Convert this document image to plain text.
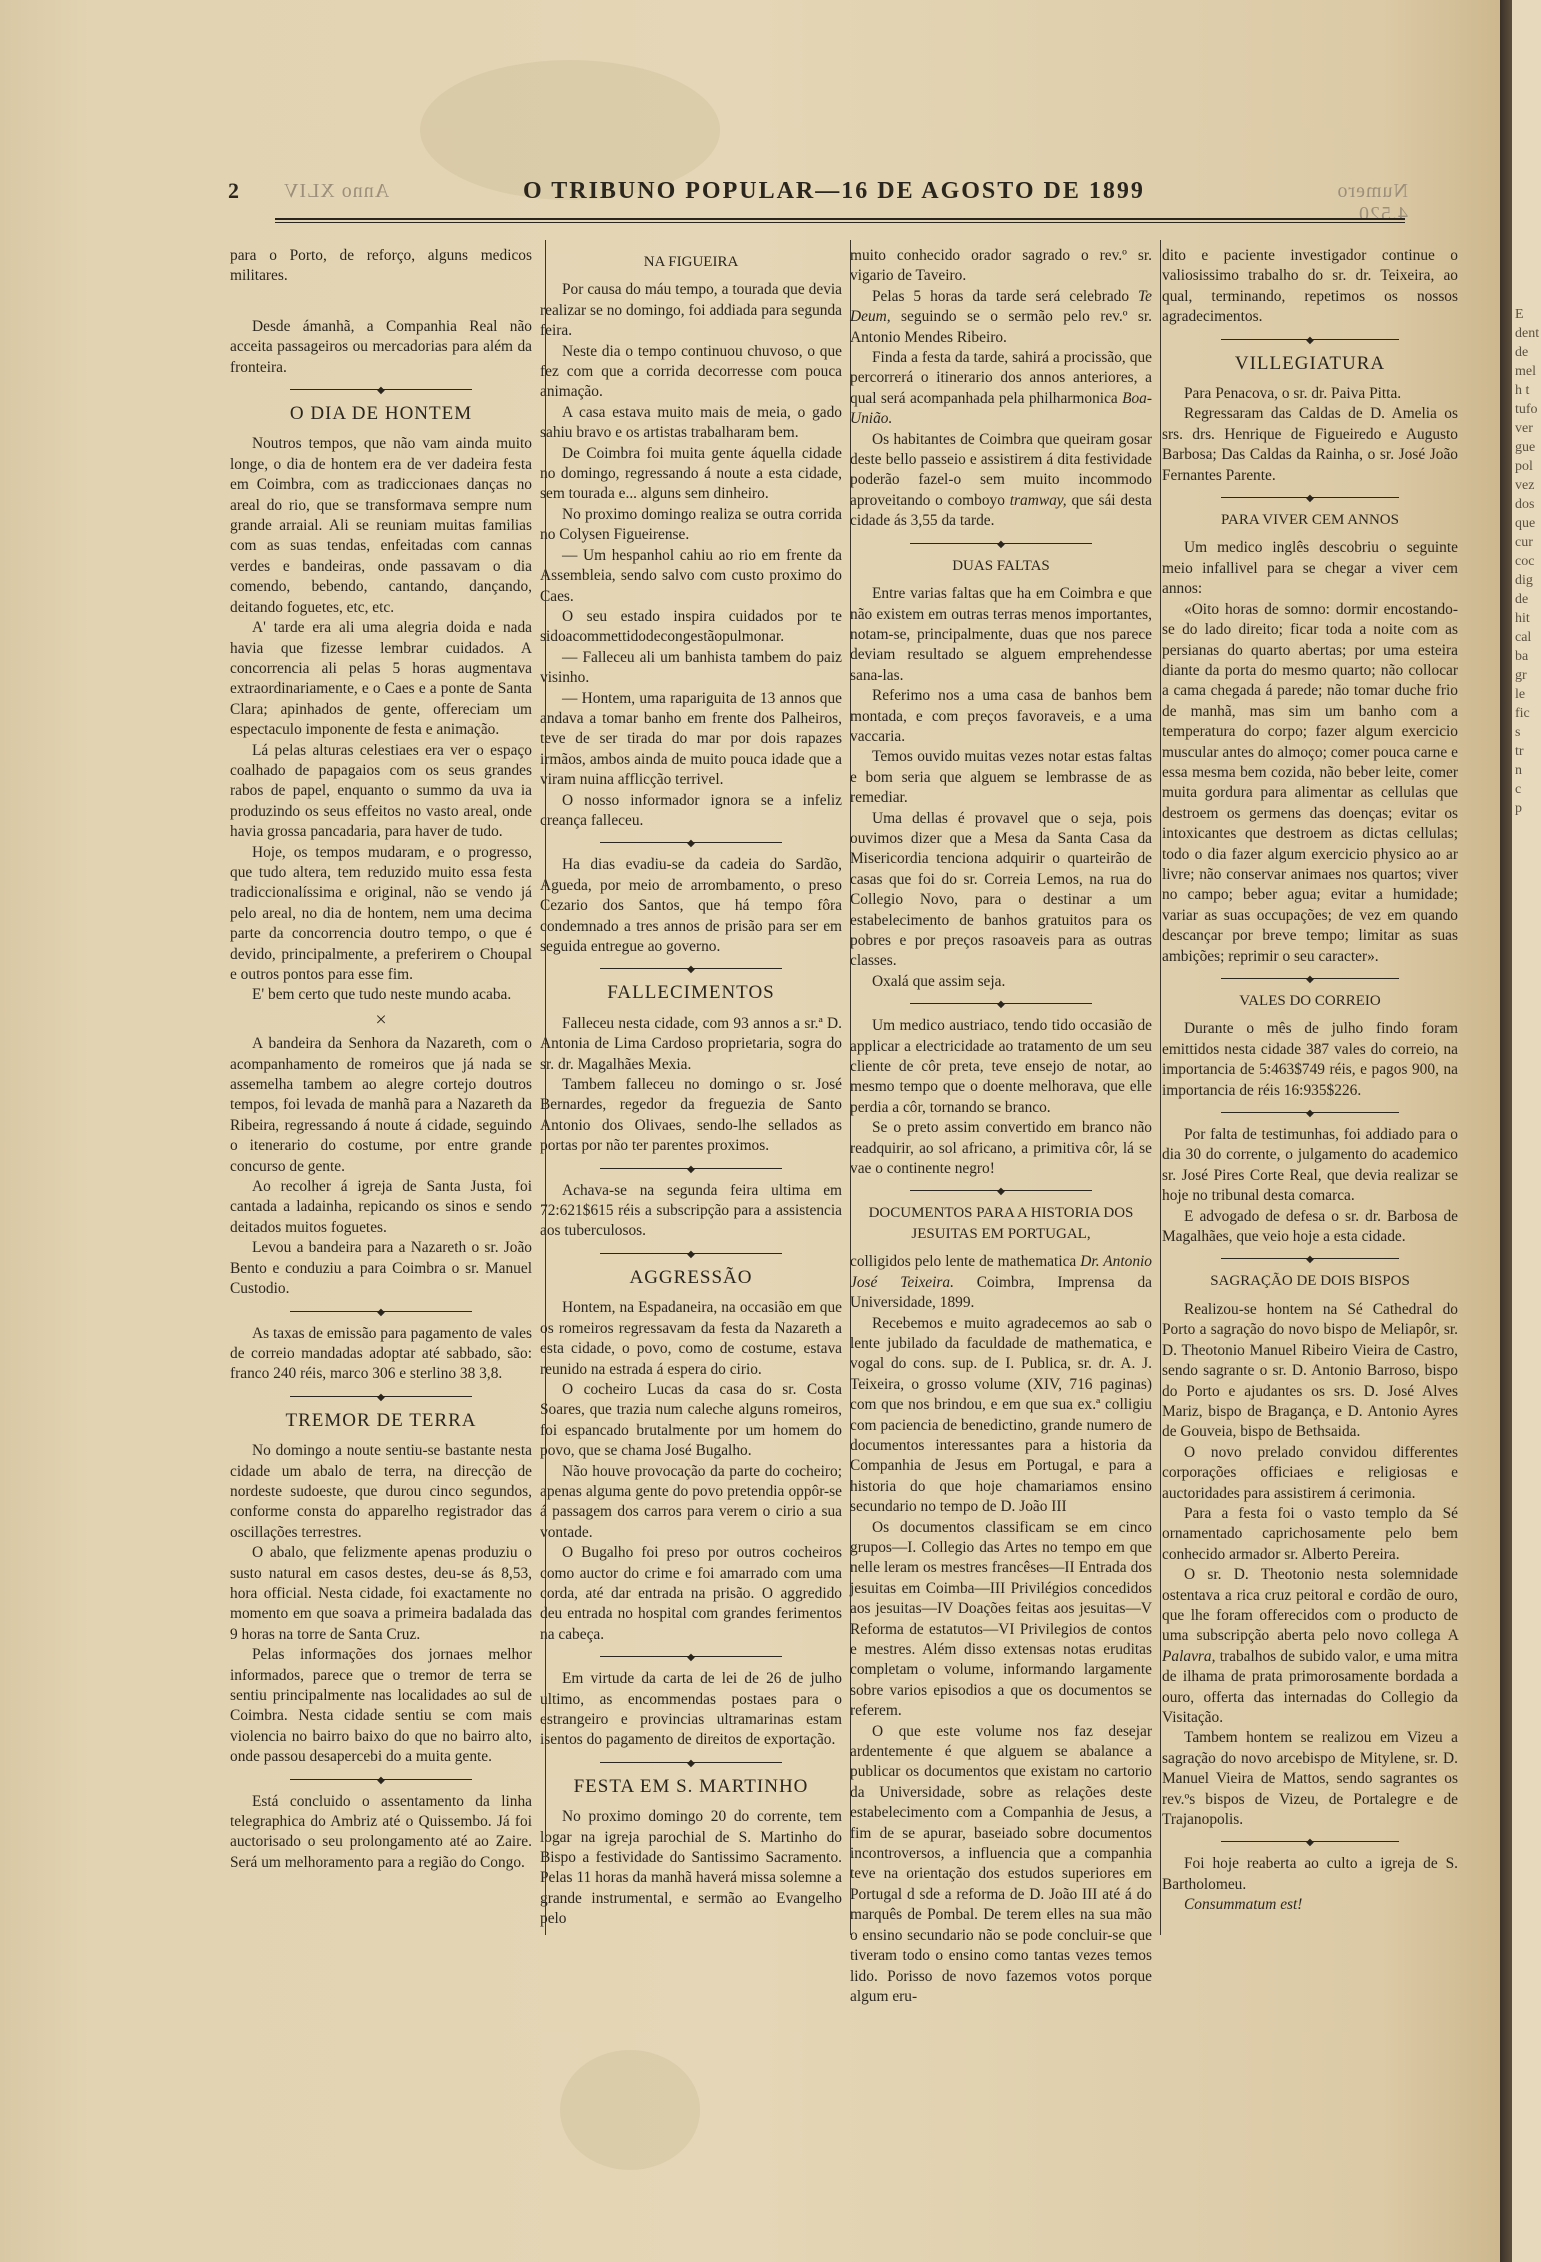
2 Anno XLIV	O TRIBUNO POPULAR—16 DE AGOSTO DE 1899	Numero 4.520

para o Porto, de reforço, alguns medicos militares.

Desde ámanhã, a Companhia Real não acceita passageiros ou mercadorias para além da fronteira.

◆
O DIA DE HONTEM

Noutros tempos, que não vam ainda muito longe, o dia de hontem era de ver dadeira festa em Coimbra, com as tradiccionaes danças no areal do rio, que se transformava sempre num grande arraial. Ali se reuniam muitas familias com as suas tendas, enfeitadas com cannas verdes e bandeiras, onde passavam o dia comendo, bebendo, cantando, dançando, deitando foguetes, etc, etc.

A' tarde era ali uma alegria doida e nada havia que fizesse lembrar cuidados. A concorrencia ali pelas 5 horas augmentava extraordinariamente, e o Caes e a ponte de Santa Clara; apinhados de gente, offereciam um espectaculo imponente de festa e animação.

Lá pelas alturas celestiaes era ver o espaço coalhado de papagaios com os seus grandes rabos de papel, enquanto o summo da uva ia produzindo os seus effeitos no vasto areal, onde havia grossa pancadaria, para haver de tudo.

Hoje, os tempos mudaram, e o progresso, que tudo altera, tem reduzido muito essa festa tradiccionalíssima e original, não se vendo já pelo areal, no dia de hontem, nem uma decima parte da concorrencia doutro tempo, o que é devido, principalmente, a preferirem o Choupal e outros pontos para esse fim.

E' bem certo que tudo neste mundo acaba.

×

A bandeira da Senhora da Nazareth, com o acompanhamento de romeiros que já nada se assemelha tambem ao alegre cortejo doutros tempos, foi levada de manhã para a Nazareth da Ribeira, regressando á noute á cidade, seguindo o itenerario do costume, por entre grande concurso de gente.

Ao recolher á igreja de Santa Justa, foi cantada a ladainha, repicando os sinos e sendo deitados muitos foguetes.

Levou a bandeira para a Nazareth o sr. João Bento e conduziu a para Coimbra o sr. Manuel Custodio.

◆

As taxas de emissão para pagamento de vales de correio mandadas adoptar até sabbado, são: franco 240 réis, marco 306 e sterlino 38 3,8.

◆
TREMOR DE TERRA

No domingo a noute sentiu-se bastante nesta cidade um abalo de terra, na direcção de nordeste sudoeste, que durou cinco segundos, conforme consta do apparelho registrador das oscillações terrestres.

O abalo, que felizmente apenas produziu o susto natural em casos destes, deu-se ás 8,53, hora official. Nesta cidade, foi exactamente no momento em que soava a primeira badalada das 9 horas na torre de Santa Cruz.

Pelas informações dos jornaes melhor informados, parece que o tremor de terra se sentiu principalmente nas localidades ao sul de Coimbra. Nesta cidade sentiu se com mais violencia no bairro baixo do que no bairro alto, onde passou desapercebi do a muita gente.

◆

Está concluido o assentamento da linha telegraphica do Ambriz até o Quissembo. Já foi auctorisado o seu prolongamento até ao Zaire. Será um melhoramento para a região do Congo.

NA FIGUEIRA

Por causa do máu tempo, a tourada que devia realizar se no domingo, foi addiada para segunda feira.

Neste dia o tempo continuou chuvoso, o que fez com que a corrida decorresse com pouca animação.

A casa estava muito mais de meia, o gado sahiu bravo e os artistas trabalharam bem.

De Coimbra foi muita gente áquella cidade no domingo, regressando á noute a esta cidade, sem tourada e... alguns sem dinheiro.

No proximo domingo realiza se outra corrida no Colysen Figueirense.

— Um hespanhol cahiu ao rio em frente da Assembleia, sendo salvo com custo proximo do Caes.

O seu estado inspira cuidados por te sidoacommettidodecongestãopulmonar.

— Falleceu ali um banhista tambem do paiz visinho.

— Hontem, uma rapariguita de 13 annos que andava a tomar banho em frente dos Palheiros, teve de ser tirada do mar por dois rapazes irmãos, ambos ainda de muito pouca idade que a viram nuina afflicção terrivel.

O nosso informador ignora se a infeliz creança falleceu.

◆

Ha dias evadiu-se da cadeia do Sardão, Agueda, por meio de arrombamento, o preso Cezario dos Santos, que há tempo fôra condemnado a tres annos de prisão para ser em seguida entregue ao governo.

◆
FALLECIMENTOS

Falleceu nesta cidade, com 93 annos a sr.ª D. Antonia de Lima Cardoso proprietaria, sogra do sr. dr. Magalhães Mexia.

Tambem falleceu no domingo o sr. José Bernardes, regedor da freguezia de Santo Antonio dos Olivaes, sendo-lhe sellados as portas por não ter parentes proximos.

◆

Achava-se na segunda feira ultima em 72:621$615 réis a subscripção para a assistencia aos tuberculosos.

◆
AGGRESSÃO

Hontem, na Espadaneira, na occasião em que os romeiros regressavam da festa da Nazareth a esta cidade, o povo, como de costume, estava reunido na estrada á espera do cirio.

O cocheiro Lucas da casa do sr. Costa Soares, que trazia num caleche alguns romeiros, foi espancado brutalmente por um homem do povo, que se chama José Bugalho.

Não houve provocação da parte do cocheiro; apenas alguma gente do povo pretendia oppôr-se á passagem dos carros para verem o cirio a sua vontade.

O Bugalho foi preso por outros cocheiros como auctor do crime e foi amarrado com uma corda, até dar entrada na prisão. O aggredido deu entrada no hospital com grandes ferimentos na cabeça.

◆

Em virtude da carta de lei de 26 de julho ultimo, as encommendas postaes para o estrangeiro e provincias ultramarinas estam isentos do pagamento de direitos de exportação.

◆
FESTA EM S. MARTINHO

No proximo domingo 20 do corrente, tem logar na igreja parochial de S. Martinho do Bispo a festividade do Santissimo Sacramento. Pelas 11 horas da manhã haverá missa solemne a grande instrumental, e sermão ao Evangelho pelo

muito conhecido orador sagrado o rev.º sr. vigario de Taveiro.

Pelas 5 horas da tarde será celebrado Te Deum, seguindo se o sermão pelo rev.º sr. Antonio Mendes Ribeiro.

Finda a festa da tarde, sahirá a procissão, que percorrerá o itinerario dos annos anteriores, a qual será acompanhada pela philharmonica Boa-União.

Os habitantes de Coimbra que queiram gosar deste bello passeio e assistirem á dita festividade poderão fazel-o sem muito incommodo aproveitando o comboyo tramway, que sái desta cidade ás 3,55 da tarde.

◆
DUAS FALTAS

Entre varias faltas que ha em Coimbra e que não existem em outras terras menos importantes, notam-se, principalmente, duas que nos parece deviam resultado se alguem emprehendesse sana-las.

Referimo nos a uma casa de banhos bem montada, e com preços favoraveis, e a uma vaccaria.

Temos ouvido muitas vezes notar estas faltas e bom seria que alguem se lembrasse de as remediar.

Uma dellas é provavel que o seja, pois ouvimos dizer que a Mesa da Santa Casa da Misericordia tenciona adquirir o quarteirão de casas que foi do sr. Correia Lemos, na rua do Collegio Novo, para o destinar a um estabelecimento de banhos gratuitos para os pobres e por preços rasoaveis para as outras classes.

Oxalá que assim seja.

◆

Um medico austriaco, tendo tido occasião de applicar a electricidade ao tratamento de um seu cliente de côr preta, teve ensejo de notar, ao mesmo tempo que o doente melhorava, que elle perdia a côr, tornando se branco.

Se o preto assim convertido em branco não readquirir, ao sol africano, a primitiva côr, lá se vae o continente negro!

◆
DOCUMENTOS PARA A HISTORIA DOS JESUITAS EM PORTUGAL,

colligidos pelo lente de mathematica Dr. Antonio José Teixeira. Coimbra, Imprensa da Universidade, 1899.

Recebemos e muito agradecemos ao sab o lente jubilado da faculdade de mathematica, e vogal do cons. sup. de I. Publica, sr. dr. A. J. Teixeira, o grosso volume (XIV, 716 paginas) com que nos brindou, e em que sua ex.ª colligiu com paciencia de benedictino, grande numero de documentos interessantes para a historia da Companhia de Jesus em Portugal, e para a historia do que hoje chamariamos ensino secundario no tempo de D. João III

Os documentos classificam se em cinco grupos—I. Collegio das Artes no tempo em que nelle leram os mestres francêses—II Entrada dos jesuitas em Coimba—III Privilégios concedidos aos jesuitas—IV Doações feitas aos jesuitas—V Reforma de estatutos—VI Privilegios de contos e mestres. Além disso extensas notas eruditas completam o volume, informando largamente sobre varios episodios a que os documentos se referem.

O que este volume nos faz desejar ardentemente é que alguem se abalance a publicar os documentos que existam no cartorio da Universidade, sobre as relações deste estabelecimento com a Companhia de Jesus, a fim de se apurar, baseiado sobre documentos incontroversos, a influencia que a companhia teve na orientação dos estudos superiores em Portugal d sde a reforma de D. João III até á do marquês de Pombal. De terem elles na sua mão o ensino secundario não se pode concluir-se que tiveram todo o ensino como tantas vezes temos lido. Porisso de novo fazemos votos porque algum eru-

dito e paciente investigador continue o valiosissimo trabalho do sr. dr. Teixeira, ao qual, terminando, repetimos os nossos agradecimentos.

◆
VILLEGIATURA

Para Penacova, o sr. dr. Paiva Pitta.

Regressaram das Caldas de D. Amelia os srs. drs. Henrique de Figueiredo e Augusto Barbosa; Das Caldas da Rainha, o sr. José João Fernantes Parente.

◆
PARA VIVER CEM ANNOS

Um medico inglês descobriu o seguinte meio infallivel para se chegar a viver cem annos:

«Oito horas de somno: dormir encostando-se do lado direito; ficar toda a noite com as persianas do quarto abertas; por uma esteira diante da porta do mesmo quarto; não collocar a cama chegada á parede; não tomar duche frio de manhã, mas sim um banho com a temperatura do corpo; fazer algum exercicio muscular antes do almoço; comer pouca carne e essa mesma bem cozida, não beber leite, comer muita gordura para alimentar as cellulas que destroem os germens das doenças; evitar os intoxicantes que destroem as dictas cellulas; todo o dia fazer algum exercicio physico ao ar livre; não conservar animaes nos quartos; viver no campo; beber agua; evitar a humidade; variar as suas occupações; de vez em quando descançar por breve tempo; limitar as suas ambições; reprimir o seu caracter».

◆
VALES DO CORREIO

Durante o mês de julho findo foram emittidos nesta cidade 387 vales do correio, na importancia de 5:463$749 réis, e pagos 900, na importancia de réis 16:935$226.

◆

Por falta de testimunhas, foi addiado para o dia 30 do corrente, o julgamento do academico sr. José Pires Corte Real, que devia realizar se hoje no tribunal desta comarca.

E advogado de defesa o sr. dr. Barbosa de Magalhães, que veio hoje a esta cidade.

◆
SAGRAÇÃO DE DOIS BISPOS

Realizou-se hontem na Sé Cathedral do Porto a sagração do novo bispo de Meliapôr, sr. D. Theotonio Manuel Ribeiro Vieira de Castro, sendo sagrante o sr. D. Antonio Barroso, bispo do Porto e ajudantes os srs. D. José Alves Mariz, bispo de Bragança, e D. Antonio Ayres de Gouveia, bispo de Bethsaida.

O novo prelado convidou differentes corporações officiaes e religiosas e auctoridades para assistirem á cerimonia.

Para a festa foi o vasto templo da Sé ornamentado caprichosamente pelo bem conhecido armador sr. Alberto Pereira.

O sr. D. Theotonio nesta solemnidade ostentava a rica cruz peitoral e cordão de ouro, que lhe foram offerecidos com o producto de uma subscripção aberta pelo novo collega A Palavra, trabalhos de subido valor, e uma mitra de ilhama de prata primorosamente bordada a ouro, offerta das internadas do Collegio da Visitação.

Tambem hontem se realizou em Vizeu a sagração do novo arcebispo de Mitylene, sr. D. Manuel Vieira de Mattos, sendo sagrantes os rev.ºs bispos de Vizeu, de Portalegre e de Trajanopolis.

◆

Foi hoje reaberta ao culto a igreja de S. Bartholomeu.

Consummatum est!

E
dent
de
mel
h t
tufo
ver
gue
pol
vez
dos
que
cur
coc
dig
de
hit
cal
ba
gr
le
fic
s
tr
n
c
p
